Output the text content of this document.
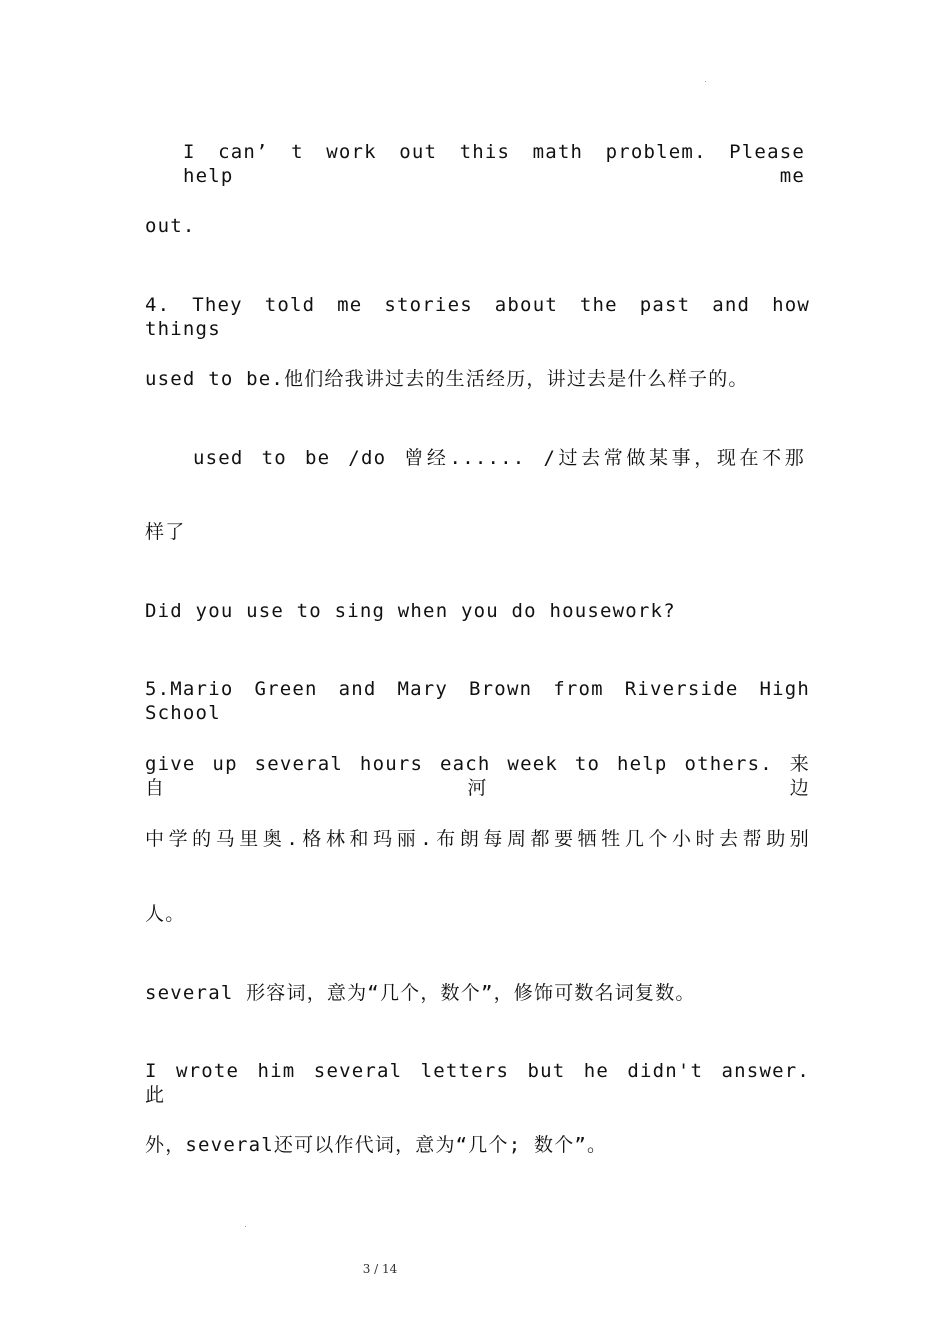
I can’ t work out this math problem. Please help me
out.
4. They told me stories about the past and how things
used to be.他们给我讲过去的生活经历，讲过去是什么样子的。
used to be /do 曾经...... /过去常做某事，现在不那
样了
Did you use to sing when you do housework?
5.Mario Green and Mary Brown from Riverside High School
give up several hours each week to help others. 来自河边
中学的马里奥.格林和玛丽.布朗每周都要牺牲几个小时去帮助别
人。
several 形容词，意为“几个，数个”，修饰可数名词复数。
I wrote him several letters but he didn't answer. 此
外，several还可以作代词，意为“几个; 数个”。
3 / 14
